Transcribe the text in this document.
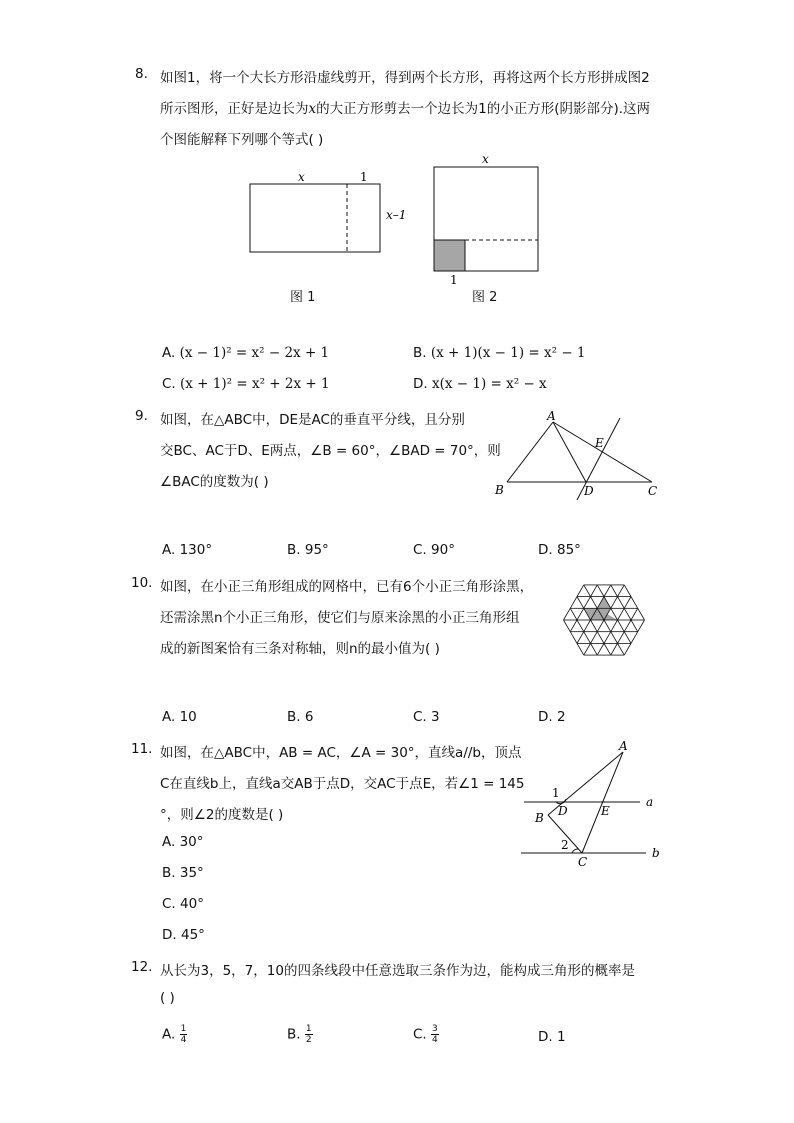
8. 如图1，将一个大长方形沿虚线剪开，得到两个长方形，再将这两个长方形拼成图2
所示图形，正好是边长为x的大正方形剪去一个边长为1的小正方形(阴影部分).这两
个图能解释下列哪个等式( )
x	1
x–1
图 1
x
1
图 2
A. (x − 1)² = x² − 2x + 1	B. (x + 1)(x − 1) = x² − 1
C. (x + 1)² = x² + 2x + 1	D. x(x − 1) = x² − x
9. 如图，在△ABC中，DE是AC的垂直平分线，且分别
交BC、AC于D、E两点，∠B = 60°，∠BAD = 70°，则
∠BAC的度数为( )
A
B	C
D
E
A. 130°	B. 95°	C. 90°	D. 85°
10. 如图，在小正三角形组成的网格中，已有6个小正三角形涂黑，
还需涂黑n个小正三角形，使它们与原来涂黑的小正三角形组
成的新图案恰有三条对称轴，则n的最小值为( )
A. 10	B. 6	C. 3	D. 2
11. 如图，在△ABC中，AB = AC，∠A = 30°，直线a//b，顶点
C在直线b上，直线a交AB于点D，交AC于点E，若∠1 = 145
°，则∠2的度数是( )
A
B
C
D	E
1
2
a
b
A. 30°
B. 35°
C. 40°
D. 45°
12. 从长为3，5，7，10的四条线段中任意选取三条作为边，能构成三角形的概率是
( )
A. $\frac{1}{4}$	B. $\frac{1}{2}$	C. $\frac{3}{4}$	D. 1
